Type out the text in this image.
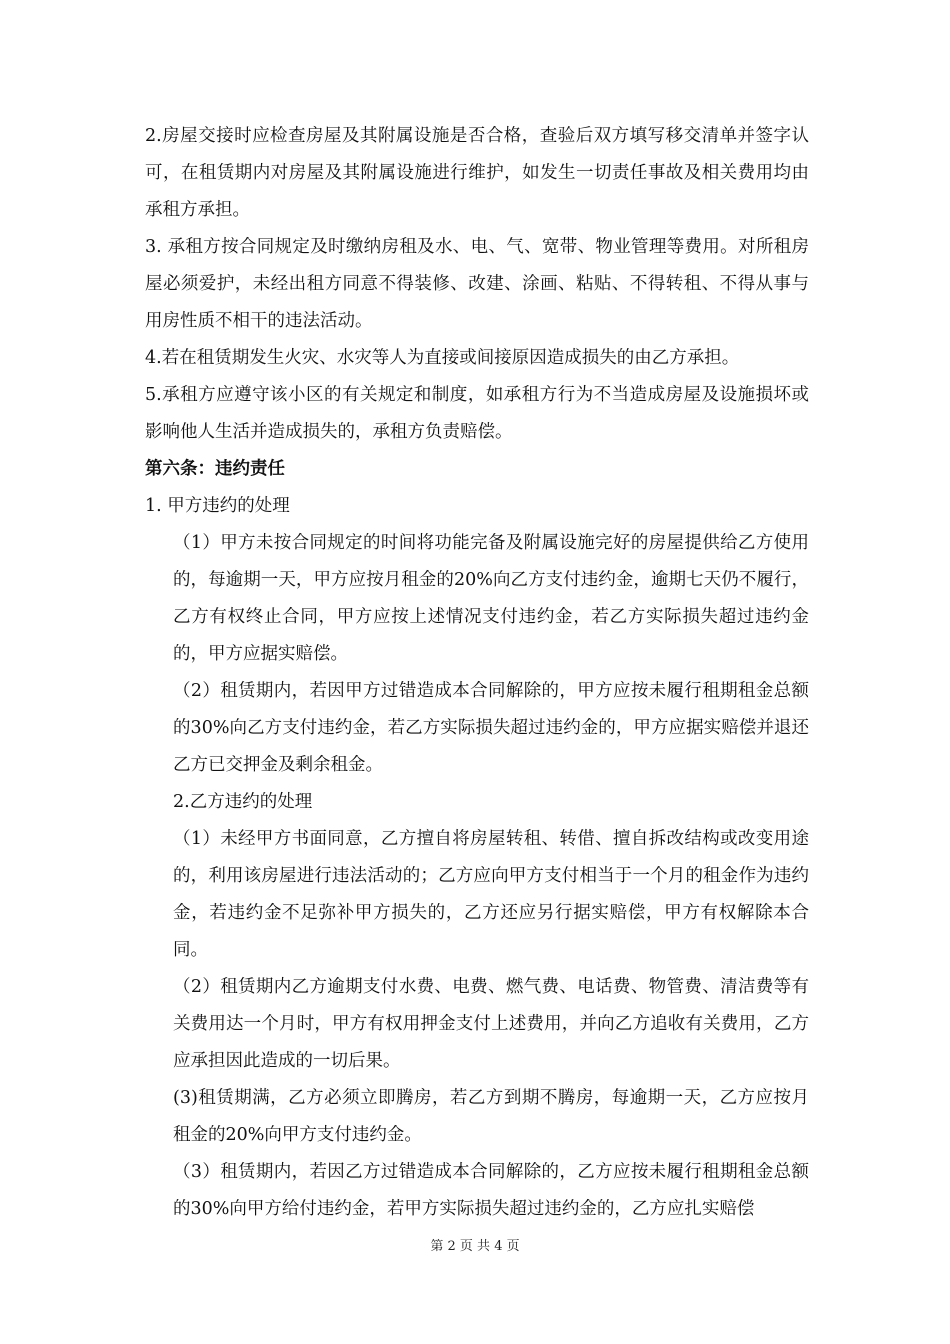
2.房屋交接时应检查房屋及其附属设施是否合格，查验后双方填写移交清单并签字认可，在租赁期内对房屋及其附属设施进行维护，如发生一切责任事故及相关费用均由承租方承担。

3. 承租方按合同规定及时缴纳房租及水、电、气、宽带、物业管理等费用。对所租房屋必须爱护，未经出租方同意不得装修、改建、涂画、粘贴、不得转租、不得从事与用房性质不相干的违法活动。

4.若在租赁期发生火灾、水灾等人为直接或间接原因造成损失的由乙方承担。

5.承租方应遵守该小区的有关规定和制度，如承租方行为不当造成房屋及设施损坏或影响他人生活并造成损失的，承租方负责赔偿。

第六条：违约责任

1. 甲方违约的处理

（1）甲方未按合同规定的时间将功能完备及附属设施完好的房屋提供给乙方使用的，每逾期一天，甲方应按月租金的20%向乙方支付违约金，逾期七天仍不履行，乙方有权终止合同，甲方应按上述情况支付违约金，若乙方实际损失超过违约金的，甲方应据实赔偿。

（2）租赁期内，若因甲方过错造成本合同解除的，甲方应按未履行租期租金总额的30%向乙方支付违约金，若乙方实际损失超过违约金的，甲方应据实赔偿并退还乙方已交押金及剩余租金。

2.乙方违约的处理

（1）未经甲方书面同意，乙方擅自将房屋转租、转借、擅自拆改结构或改变用途的，利用该房屋进行违法活动的；乙方应向甲方支付相当于一个月的租金作为违约金，若违约金不足弥补甲方损失的，乙方还应另行据实赔偿，甲方有权解除本合同。

（2）租赁期内乙方逾期支付水费、电费、燃气费、电话费、物管费、清洁费等有关费用达一个月时，甲方有权用押金支付上述费用，并向乙方追收有关费用，乙方应承担因此造成的一切后果。

(3)租赁期满，乙方必须立即腾房，若乙方到期不腾房，每逾期一天，乙方应按月租金的20%向甲方支付违约金。

（3）租赁期内，若因乙方过错造成本合同解除的，乙方应按未履行租期租金总额的30%向甲方给付违约金，若甲方实际损失超过违约金的，乙方应扎实赔偿

第 2 页 共 4 页
